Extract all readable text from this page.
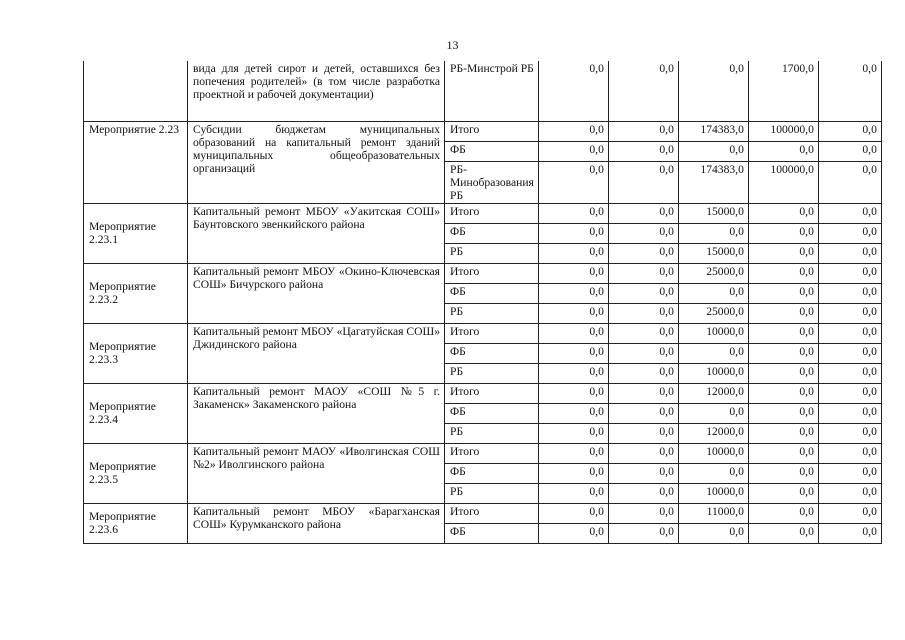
13
	вида для детей сирот и детей, оставшихся без попечения родителей» (в том числе разработка проектной и рабочей документации)	РБ-Минстрой РБ	0,0	0,0	0,0	1700,0	0,0
Мероприятие 2.23	Субсидии бюджетам муниципальных образований на капитальный ремонт зданий муниципальных общеобразовательных организаций	Итого	0,0	0,0	174383,0	100000,0	0,0
		ФБ	0,0	0,0	0,0	0,0	0,0
		РБ-Минобразования РБ	0,0	0,0	174383,0	100000,0	0,0
Мероприятие 2.23.1	Капитальный ремонт МБОУ «Уакитская СОШ» Баунтовского эвенкийского района	Итого	0,0	0,0	15000,0	0,0	0,0
		ФБ	0,0	0,0	0,0	0,0	0,0
		РБ	0,0	0,0	15000,0	0,0	0,0
Мероприятие 2.23.2	Капитальный ремонт МБОУ «Окино-Ключевская СОШ» Бичурского района	Итого	0,0	0,0	25000,0	0,0	0,0
		ФБ	0,0	0,0	0,0	0,0	0,0
		РБ	0,0	0,0	25000,0	0,0	0,0
Мероприятие 2.23.3	Капитальный ремонт МБОУ «Цагатуйская СОШ» Джидинского района	Итого	0,0	0,0	10000,0	0,0	0,0
		ФБ	0,0	0,0	0,0	0,0	0,0
		РБ	0,0	0,0	10000,0	0,0	0,0
Мероприятие 2.23.4	Капитальный ремонт МАОУ «СОШ №5 г. Закаменск» Закаменского района	Итого	0,0	0,0	12000,0	0,0	0,0
		ФБ	0,0	0,0	0,0	0,0	0,0
		РБ	0,0	0,0	12000,0	0,0	0,0
Мероприятие 2.23.5	Капитальный ремонт МАОУ «Иволгинская СОШ №2» Иволгинского района	Итого	0,0	0,0	10000,0	0,0	0,0
		ФБ	0,0	0,0	0,0	0,0	0,0
		РБ	0,0	0,0	10000,0	0,0	0,0
Мероприятие 2.23.6	Капитальный ремонт МБОУ «Барагханская СОШ» Курумканского района	Итого	0,0	0,0	11000,0	0,0	0,0
		ФБ	0,0	0,0	0,0	0,0	0,0
